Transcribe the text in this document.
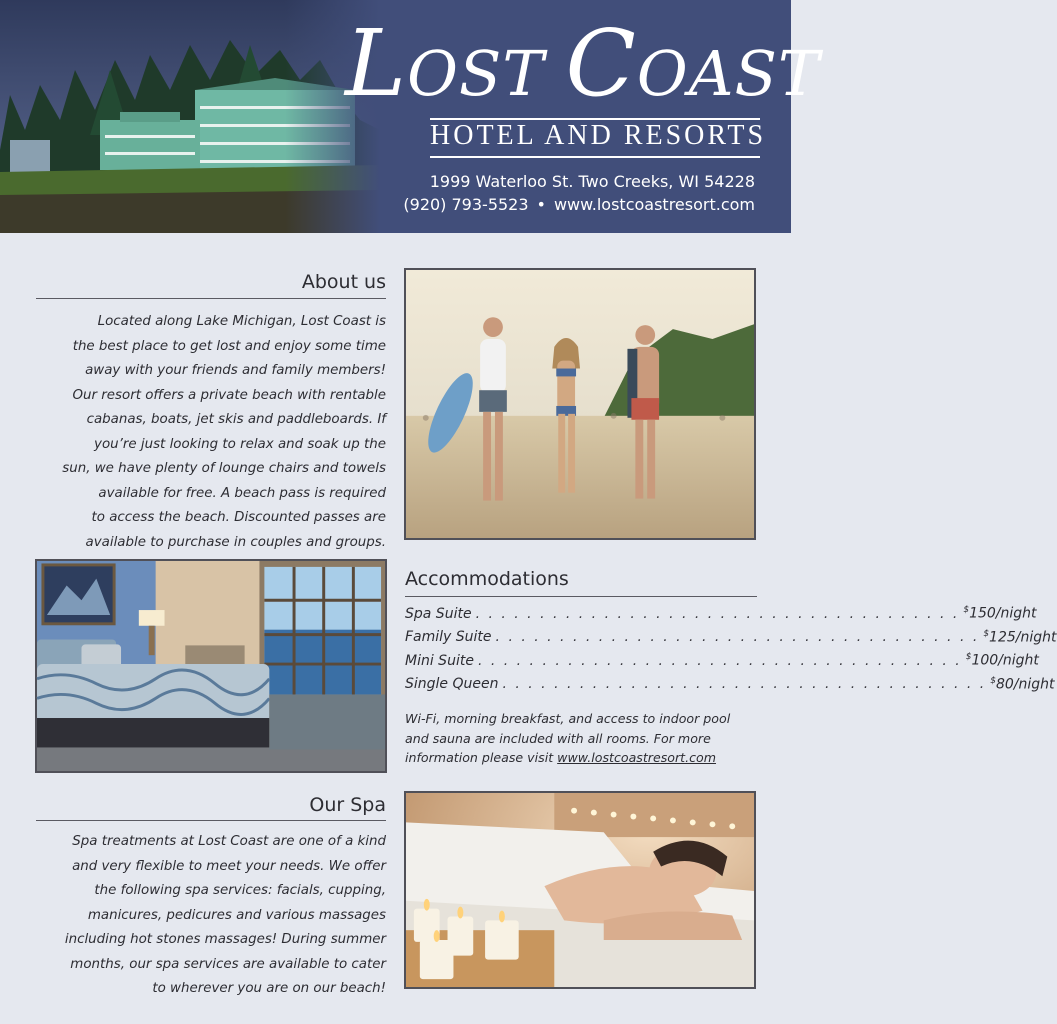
LOST COAST
HOTEL AND RESORTS
1999 Waterloo St. Two Creeks, WI 54228
(920) 793-5523 • www.lostcoastresort.com
About us
Located along Lake Michigan, Lost Coast is
the best place to get lost and enjoy some time
away with your friends and family members!
Our resort offers a private beach with rentable
cabanas, boats, jet skis and paddleboards. If
you’re just looking to relax and soak up the
sun, we have plenty of lounge chairs and towels
available for free. A beach pass is required
to access the beach. Discounted passes are
available to purchase in couples and groups.
Accommodations
Spa Suite . . . . . . . . . . . . . . . . . . . . . . . . . . . . . . . . . . . . . . $150/night
Family Suite . . . . . . . . . . . . . . . . . . . . . . . . . . . . . . . . . . . . . . $125/night
Mini Suite . . . . . . . . . . . . . . . . . . . . . . . . . . . . . . . . . . . . . . $100/night
Single Queen . . . . . . . . . . . . . . . . . . . . . . . . . . . . . . . . . . . . . . $80/night
Wi-Fi, morning breakfast, and access to indoor pool
and sauna are included with all rooms. For more
information please visit www.lostcoastresort.com
Our Spa
Spa treatments at Lost Coast are one of a kind
and very flexible to meet your needs. We offer
the following spa services: facials, cupping,
manicures, pedicures and various massages
including hot stones massages! During summer
months, our spa services are available to cater
to wherever you are on our beach!
